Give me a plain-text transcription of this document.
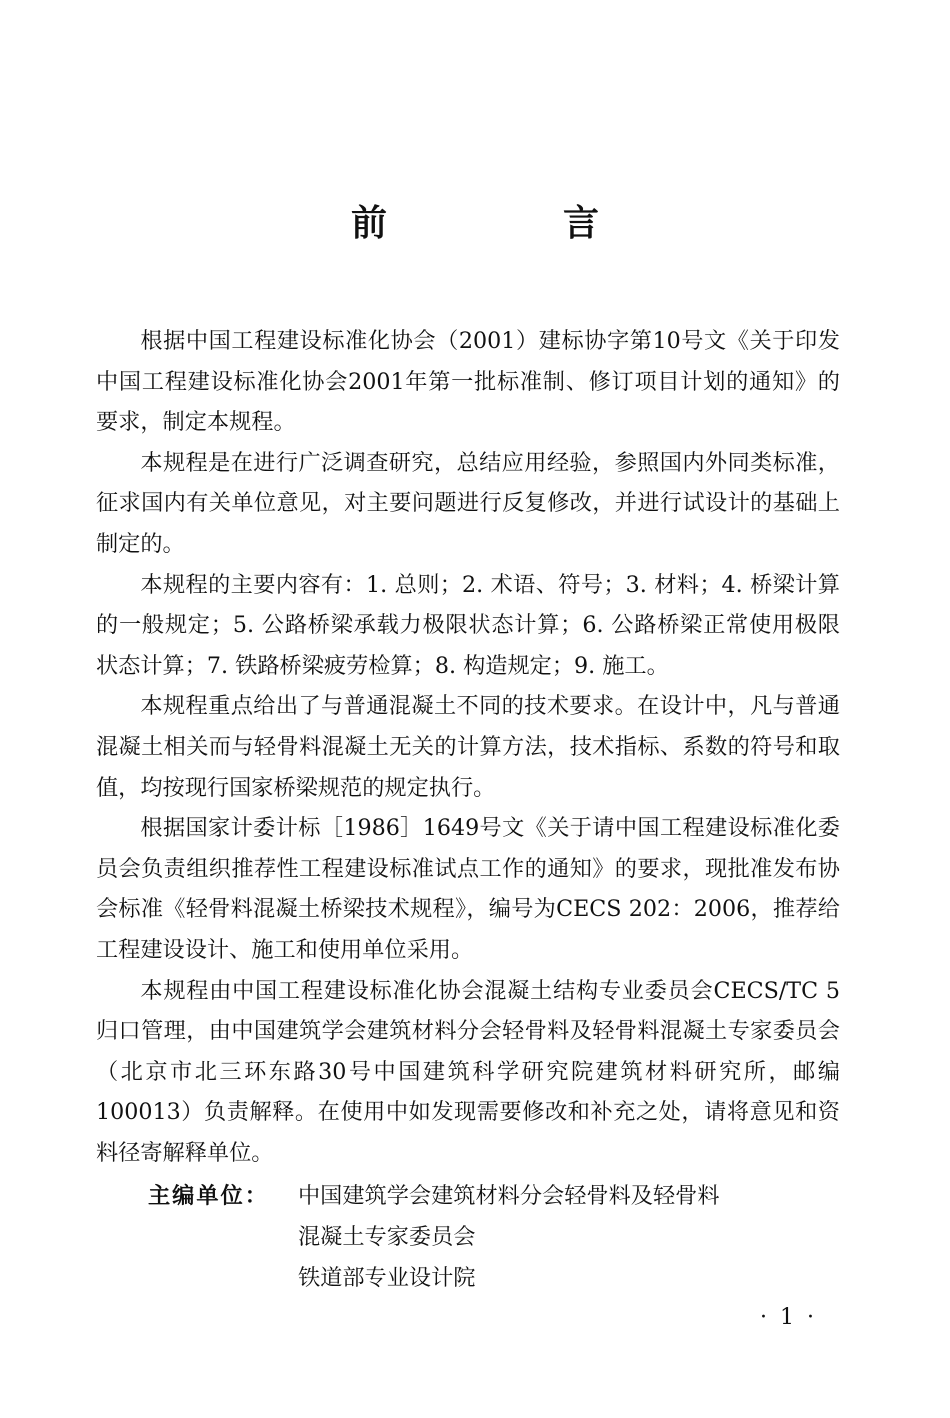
前　言

根据中国工程建设标准化协会（2001）建标协字第10号文《关于印发中国工程建设标准化协会2001年第一批标准制、修订项目计划的通知》的要求，制定本规程。

本规程是在进行广泛调查研究，总结应用经验，参照国内外同类标准，征求国内有关单位意见，对主要问题进行反复修改，并进行试设计的基础上制定的。

本规程的主要内容有：1. 总则；2. 术语、符号；3. 材料；4. 桥梁计算的一般规定；5. 公路桥梁承载力极限状态计算；6. 公路桥梁正常使用极限状态计算；7. 铁路桥梁疲劳检算；8. 构造规定；9. 施工。

本规程重点给出了与普通混凝土不同的技术要求。在设计中，凡与普通混凝土相关而与轻骨料混凝土无关的计算方法，技术指标、系数的符号和取值，均按现行国家桥梁规范的规定执行。

根据国家计委计标［1986］1649号文《关于请中国工程建设标准化委员会负责组织推荐性工程建设标准试点工作的通知》的要求，现批准发布协会标准《轻骨料混凝土桥梁技术规程》，编号为CECS 202：2006，推荐给工程建设设计、施工和使用单位采用。

本规程由中国工程建设标准化协会混凝土结构专业委员会CECS/TC 5归口管理，由中国建筑学会建筑材料分会轻骨料及轻骨料混凝土专家委员会（北京市北三环东路30号中国建筑科学研究院建筑材料研究所，邮编100013）负责解释。在使用中如发现需要修改和补充之处，请将意见和资料径寄解释单位。

主编单位：	中国建筑学会建筑材料分会轻骨料及轻骨料
混凝土专家委员会
铁道部专业设计院
· 1 ·
